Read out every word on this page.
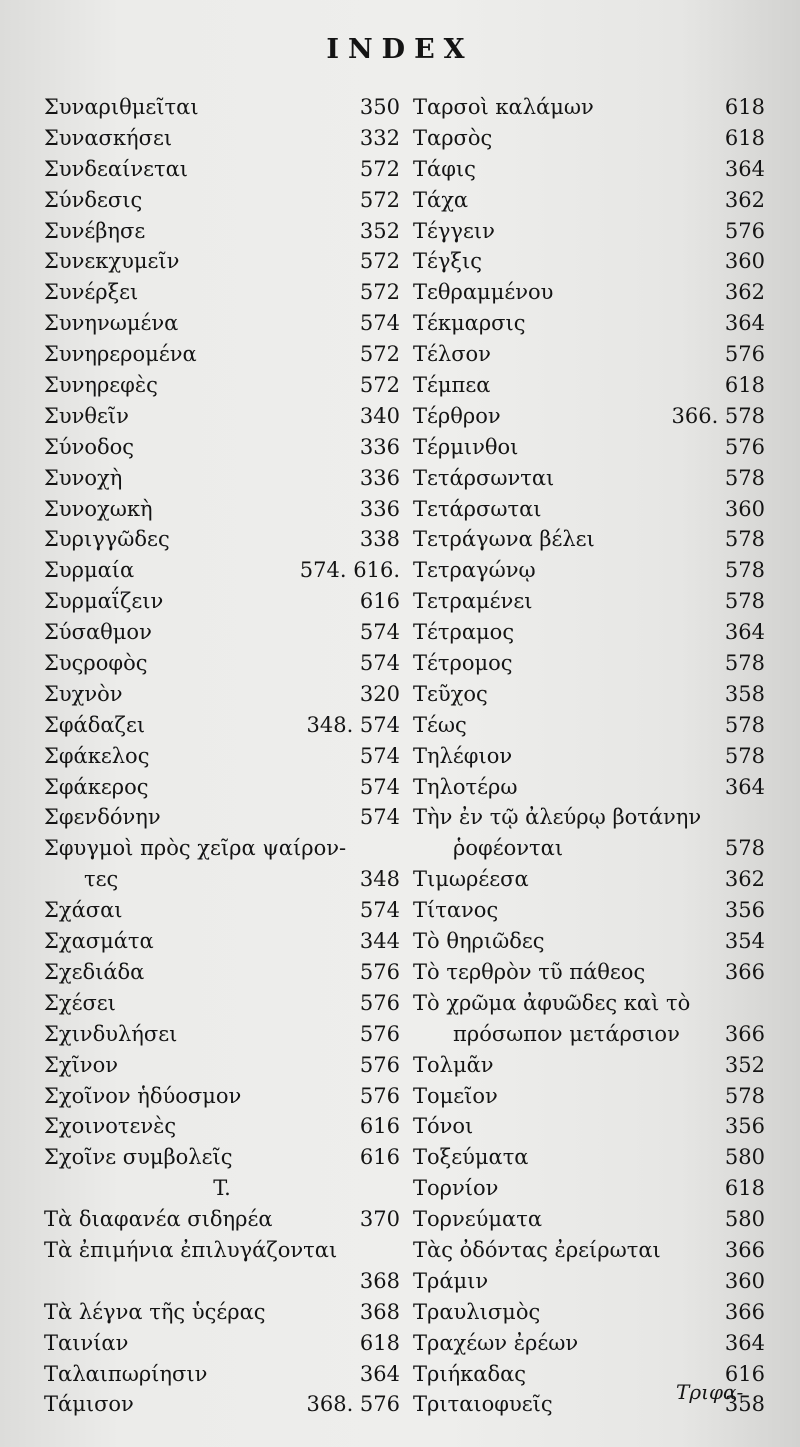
INDEX
Συναριθμεῖται	350
Συνασκήσει	332
Συνδεαίνεται	572
Σύνδεσις	572
Συνέβησε	352
Συνεκχυμεῖν	572
Συνέρξει	572
Συνηνωμένα	574
Συνηρερομένα	572
Συνηρεφὲς	572
Συνθεῖν	340
Σύνοδος	336
Συνοχὴ	336
Συνοχωκὴ	336
Συριγγῶδες	338
Συρμαία	574. 616.
Συρμαΐζειν	616
Σύσαθμον	574
Συςροφὸς	574
Συχνὸν	320
Σφάδαζει	348. 574
Σφάκελος	574
Σφάκερος	574
Σφενδόνην	574
Σφυγμοὶ πρὸς χεῖρα ψαίρον-
τες	348
Σχάσαι	574
Σχασμάτα	344
Σχεδιάδα	576
Σχέσει	576
Σχινδυλήσει	576
Σχῖνον	576
Σχοῖνον ἡδύοσμον	576
Σχοινοτενὲς	616
Σχοῖνε συμβολεῖς	616
T.
Τὰ διαφανέα σιδηρέα	370
Τὰ ἐπιμήνια ἐπιλυγάζονται
368
Τὰ λέγνα τῆς ὑςέρας	368
Ταινίαν	618
Ταλαιπωρίησιν	364
Τάμισον	368. 576
Ταρσοὶ καλάμων	618
Ταρσὸς	618
Τάφις	364
Τάχα	362
Τέγγειν	576
Τέγξις	360
Τεθραμμένου	362
Τέκμαρσις	364
Τέλσον	576
Τέμπεα	618
Τέρθρον	366. 578
Τέρμινθοι	576
Τετάρσωνται	578
Τετάρσωται	360
Τετράγωνα βέλει	578
Τετραγώνῳ	578
Τετραμένει	578
Τέτραμος	364
Τέτρομος	578
Τεῦχος	358
Τέως	578
Τηλέφιον	578
Τηλοτέρω	364
Τὴν ἐν τῷ ἀλεύρῳ βοτάνην
ῥοφέονται	578
Τιμωρέεσα	362
Τίτανος	356
Τὸ θηριῶδες	354
Τὸ τερθρὸν τῦ πάθεος	366
Τὸ χρῶμα ἀφυῶδες καὶ τὸ
πρόσωπον μετάρσιον 366
Τολμᾶν	352
Τομεῖον	578
Τόνοι	356
Τοξεύματα	580
Τορνίον	618
Τορνεύματα	580
Τὰς ὀδόντας ἐρείρωται	366
Τράμιν	360
Τραυλισμὸς	366
Τραχέων ἐρέων	364
Τριήκαδας	616
Τριταιοφυεῖς	358
Τριφα-
